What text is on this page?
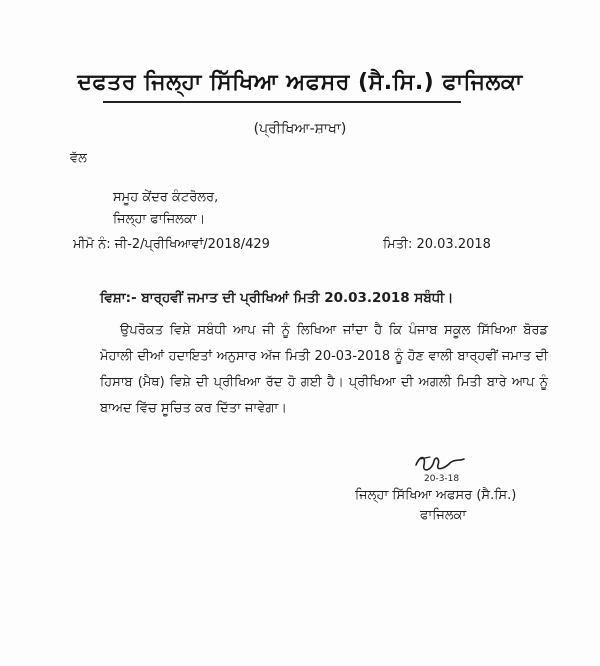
ਦਫਤਰ ਜਿਲ੍ਹਾ ਸਿੱਖਿਆ ਅਫਸਰ (ਸੈ.ਸਿ.) ਫਾਜਿਲਕਾ
(ਪ੍ਰੀਖਿਆ-ਸ਼ਾਖਾ)
ਵੱਲ
ਸਮੂਹ ਕੇਂਦਰ ਕੰਟਰੋਲਰ,
ਜਿਲ੍ਹਾ ਫਾਜਿਲਕਾ।
ਮੀਮੋ ਨੰ: ਜੀ-2/ਪ੍ਰੀਖਿਆਵਾਂ/2018/429	ਮਿਤੀ: 20.03.2018
ਵਿਸ਼ਾ:- ਬਾਰ੍ਹਵੀਂ ਜਮਾਤ ਦੀ ਪ੍ਰੀਖਿਆਂ ਮਿਤੀ 20.03.2018 ਸਬੰਧੀ।
ਉਪਰੋਕਤ ਵਿਸ਼ੇ ਸਬੰਧੀ ਆਪ ਜੀ ਨੂੰ ਲਿਖਿਆ ਜਾਂਦਾ ਹੈ ਕਿ ਪੰਜਾਬ ਸਕੂਲ ਸਿੱਖਿਆ ਬੋਰਡ ਮੋਹਾਲੀ ਦੀਆਂ ਹਦਾਇਤਾਂ ਅਨੁਸਾਰ ਅੱਜ ਮਿਤੀ 20-03-2018 ਨੂੰ ਹੋਣ ਵਾਲੀ ਬਾਰ੍ਹਵੀਂ ਜਮਾਤ ਦੀ ਹਿਸਾਬ (ਮੈਥ) ਵਿਸ਼ੇ ਦੀ ਪ੍ਰੀਖਿਆ ਰੱਦ ਹੋ ਗਈ ਹੈ। ਪ੍ਰੀਖਿਆ ਦੀ ਅਗਲੀ ਮਿਤੀ ਬਾਰੇ ਆਪ ਨੂੰ ਬਾਅਦ ਵਿੱਚ ਸੂਚਿਤ ਕਰ ਦਿੱਤਾ ਜਾਵੇਗਾ।
20-3-18
ਜਿਲ੍ਹਾ ਸਿੱਖਿਆ ਅਫਸਰ (ਸੈ.ਸਿ.)
ਫਾਜਿਲਕਾ
